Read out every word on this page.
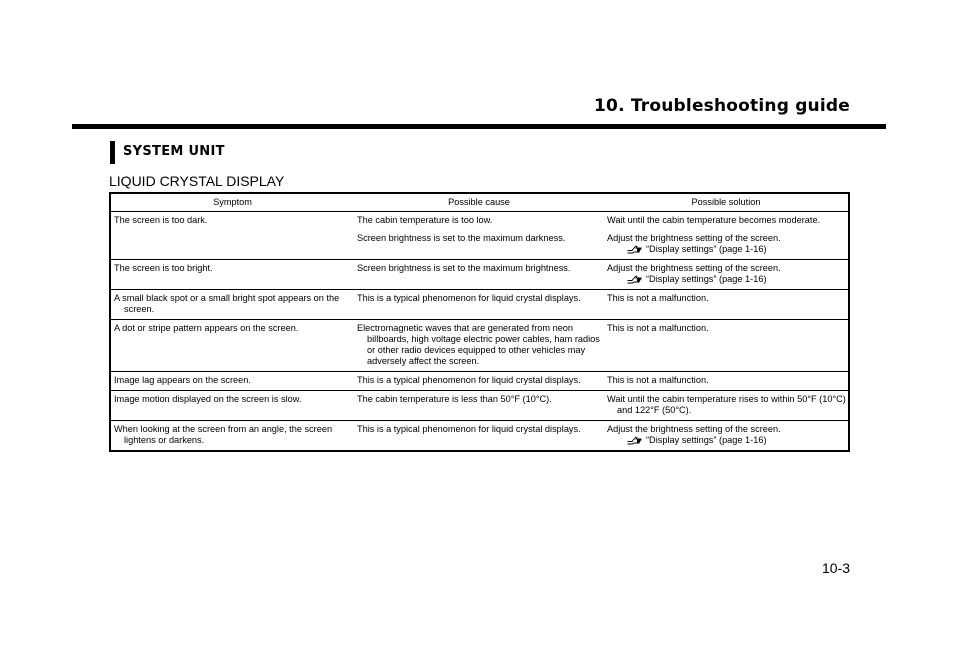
10. Troubleshooting guide
SYSTEM UNIT
LIQUID CRYSTAL DISPLAY
Symptom	Possible cause	Possible solution

The screen is too dark.	The cabin temperature is too low.	Wait until the cabin temperature becomes moderate.

	Screen brightness is set to the maximum darkness.	Adjust the brightness setting of the screen.
“Display settings” (page 1-16)

The screen is too bright.	Screen brightness is set to the maximum brightness.	Adjust the brightness setting of the screen.
“Display settings” (page 1-16)

A small black spot or a small bright spot appears on the screen.	This is a typical phenomenon for liquid crystal displays.	This is not a malfunction.

A dot or stripe pattern appears on the screen.	Electromagnetic waves that are generated from neon billboards, high voltage electric power cables, ham radios or other radio devices equipped to other vehicles may adversely affect the screen.	This is not a malfunction.

Image lag appears on the screen.	This is a typical phenomenon for liquid crystal displays.	This is not a malfunction.

Image motion displayed on the screen is slow.	The cabin temperature is less than 50°F (10°C).	Wait until the cabin temperature rises to within 50°F (10°C) and 122°F (50°C).

When looking at the screen from an angle, the screen lightens or darkens.	This is a typical phenomenon for liquid crystal displays.	Adjust the brightness setting of the screen.
“Display settings” (page 1-16)
10-3
